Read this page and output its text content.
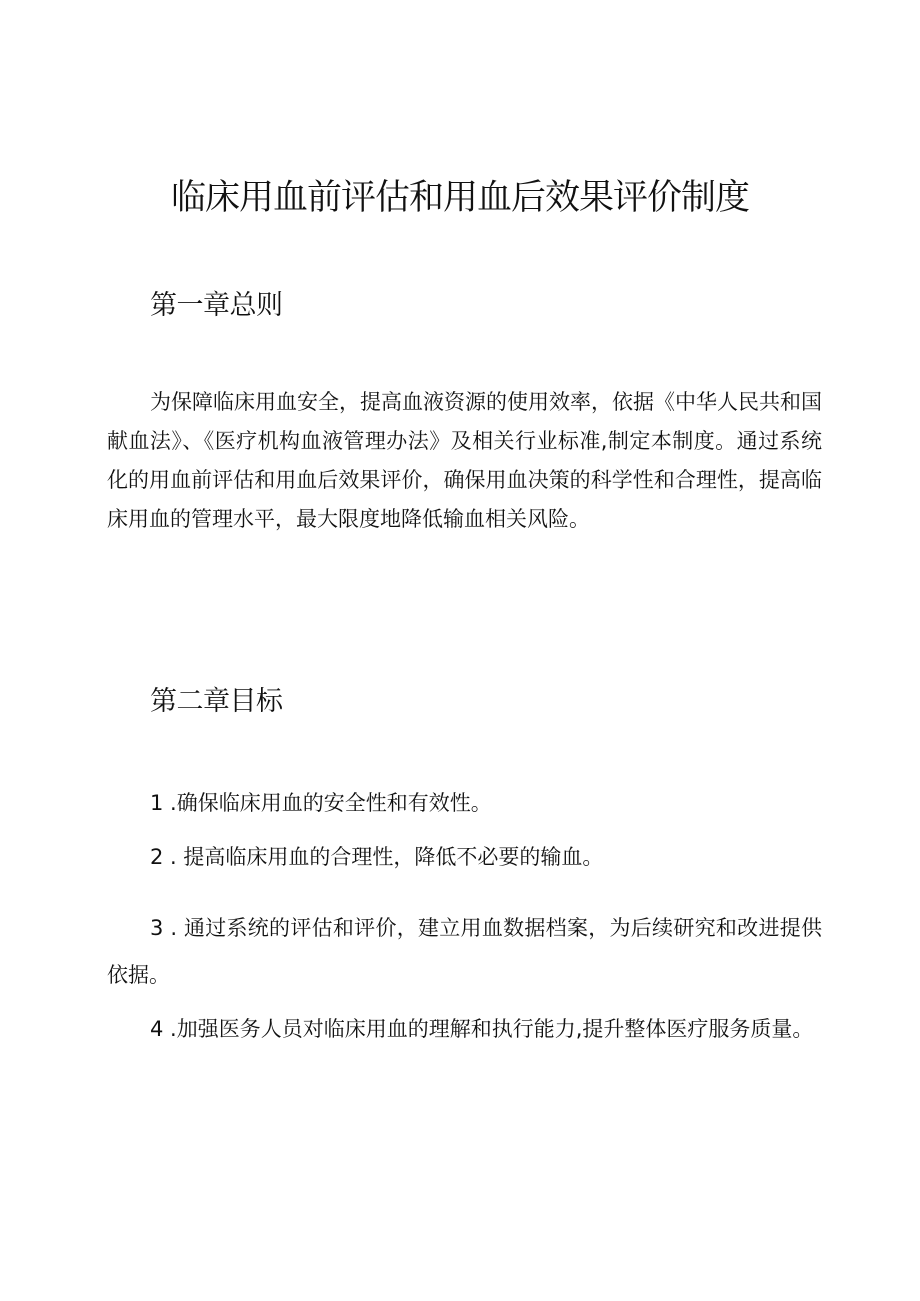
临床用血前评估和用血后效果评价制度
第一章总则
为保障临床用血安全，提高血液资源的使用效率，依据《中华人民共和国献血法》、《医疗机构血液管理办法》及相关行业标准,制定本制度。通过系统化的用血前评估和用血后效果评价，确保用血决策的科学性和合理性，提高临床用血的管理水平，最大限度地降低输血相关风险。
第二章目标
1 .确保临床用血的安全性和有效性。
2 . 提高临床用血的合理性，降低不必要的输血。
3 . 通过系统的评估和评价，建立用血数据档案，为后续研究和改进提供依据。
4 .加强医务人员对临床用血的理解和执行能力,提升整体医疗服务质量。
